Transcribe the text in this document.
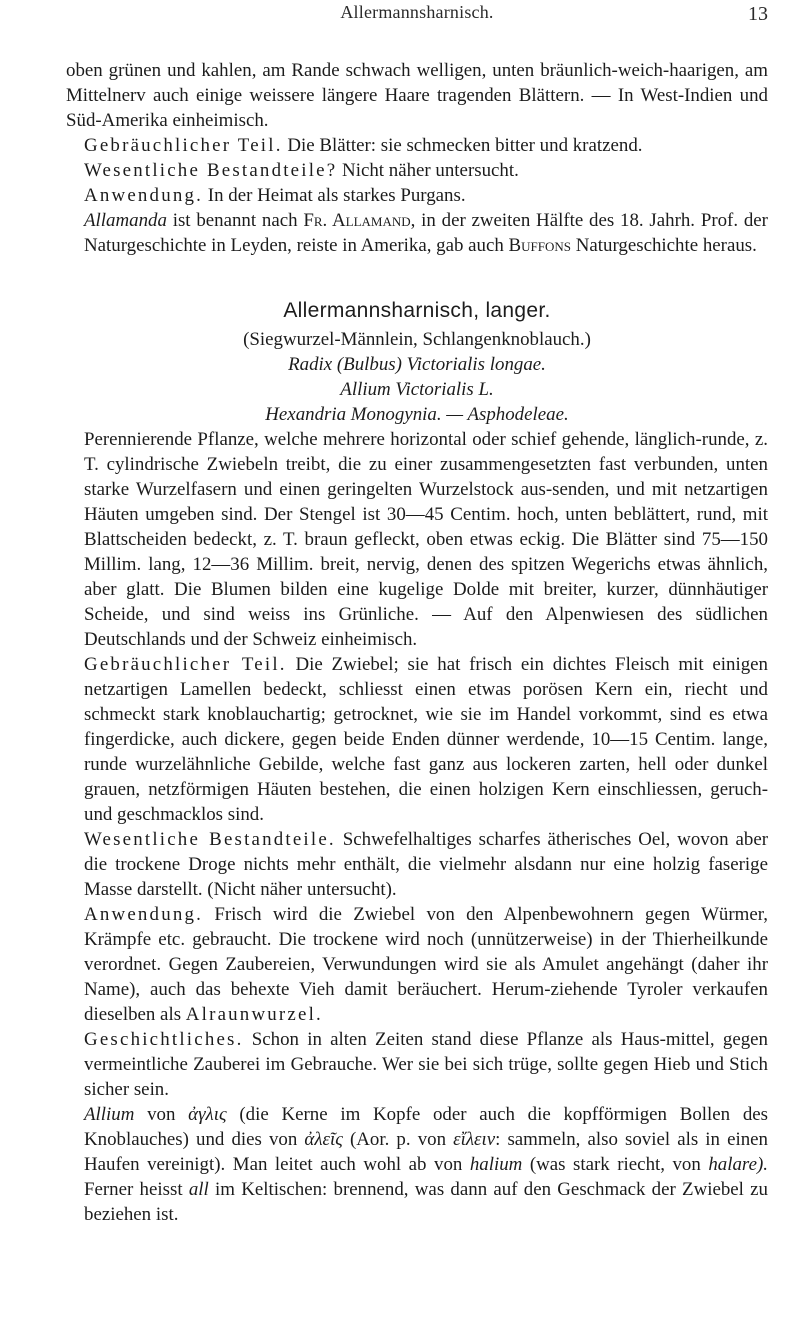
Allermannsharnisch.	13

oben grünen und kahlen, am Rande schwach welligen, unten bräunlich-weich-haarigen, am Mittelnerv auch einige weissere längere Haare tragenden Blättern. — In West-Indien und Süd-Amerika einheimisch.

Gebräuchlicher Teil. Die Blätter: sie schmecken bitter und kratzend.

Wesentliche Bestandteile? Nicht näher untersucht.

Anwendung. In der Heimat als starkes Purgans.

Allamanda ist benannt nach Fr. Allamand, in der zweiten Hälfte des 18. Jahrh. Prof. der Naturgeschichte in Leyden, reiste in Amerika, gab auch Buffons Naturgeschichte heraus.

Allermannsharnisch, langer.

(Siegwurzel-Männlein, Schlangenknoblauch.)

Radix (Bulbus) Victorialis longae.

Allium Victorialis L.

Hexandria Monogynia. — Asphodeleae.

Perennierende Pflanze, welche mehrere horizontal oder schief gehende, länglich-runde, z. T. cylindrische Zwiebeln treibt, die zu einer zusammengesetzten fast verbunden, unten starke Wurzelfasern und einen geringelten Wurzelstock aus-senden, und mit netzartigen Häuten umgeben sind. Der Stengel ist 30—45 Centim. hoch, unten beblättert, rund, mit Blattscheiden bedeckt, z. T. braun gefleckt, oben etwas eckig. Die Blätter sind 75—150 Millim. lang, 12—36 Millim. breit, nervig, denen des spitzen Wegerichs etwas ähnlich, aber glatt. Die Blumen bilden eine kugelige Dolde mit breiter, kurzer, dünnhäutiger Scheide, und sind weiss ins Grünliche. — Auf den Alpenwiesen des südlichen Deutschlands und der Schweiz einheimisch.

Gebräuchlicher Teil. Die Zwiebel; sie hat frisch ein dichtes Fleisch mit einigen netzartigen Lamellen bedeckt, schliesst einen etwas porösen Kern ein, riecht und schmeckt stark knoblauchartig; getrocknet, wie sie im Handel vorkommt, sind es etwa fingerdicke, auch dickere, gegen beide Enden dünner werdende, 10—15 Centim. lange, runde wurzelähnliche Gebilde, welche fast ganz aus lockeren zarten, hell oder dunkel grauen, netzförmigen Häuten bestehen, die einen holzigen Kern einschliessen, geruch- und geschmacklos sind.

Wesentliche Bestandteile. Schwefelhaltiges scharfes ätherisches Oel, wovon aber die trockene Droge nichts mehr enthält, die vielmehr alsdann nur eine holzig faserige Masse darstellt. (Nicht näher untersucht).

Anwendung. Frisch wird die Zwiebel von den Alpenbewohnern gegen Würmer, Krämpfe etc. gebraucht. Die trockene wird noch (unnützerweise) in der Thierheilkunde verordnet. Gegen Zaubereien, Verwundungen wird sie als Amulet angehängt (daher ihr Name), auch das behexte Vieh damit beräuchert. Herum-ziehende Tyroler verkaufen dieselben als Alraunwurzel.

Geschichtliches. Schon in alten Zeiten stand diese Pflanze als Haus-mittel, gegen vermeintliche Zauberei im Gebrauche. Wer sie bei sich trüge, sollte gegen Hieb und Stich sicher sein.

Allium von ἀγλις (die Kerne im Kopfe oder auch die kopfförmigen Bollen des Knoblauches) und dies von ἀλεῖς (Aor. p. von εἴλειν: sammeln, also soviel als in einen Haufen vereinigt). Man leitet auch wohl ab von halium (was stark riecht, von halare). Ferner heisst all im Keltischen: brennend, was dann auf den Geschmack der Zwiebel zu beziehen ist.
